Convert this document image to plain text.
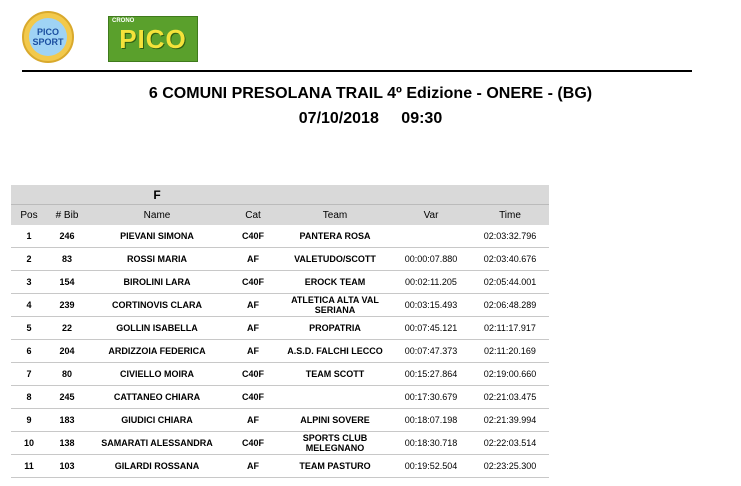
PICO
SPORT
CRONO
PICO
6 COMUNI PRESOLANA TRAIL 4º Edizione - ONERE - (BG)
07/10/2018 09:30
		F				
Pos	# Bib	Name	Cat	Team	Var	Time
1	246	PIEVANI SIMONA	C40F	PANTERA ROSA		02:03:32.796
2	83	ROSSI MARIA	AF	VALETUDO/SCOTT	00:00:07.880	02:03:40.676
3	154	BIROLINI LARA	C40F	EROCK TEAM	00:02:11.205	02:05:44.001
4	239	CORTINOVIS CLARA	AF	ATLETICA ALTA VAL SERIANA	00:03:15.493	02:06:48.289
5	22	GOLLIN ISABELLA	AF	PROPATRIA	00:07:45.121	02:11:17.917
6	204	ARDIZZOIA FEDERICA	AF	A.S.D. FALCHI LECCO	00:07:47.373	02:11:20.169
7	80	CIVIELLO MOIRA	C40F	TEAM SCOTT	00:15:27.864	02:19:00.660
8	245	CATTANEO CHIARA	C40F		00:17:30.679	02:21:03.475
9	183	GIUDICI CHIARA	AF	ALPINI SOVERE	00:18:07.198	02:21:39.994
10	138	SAMARATI ALESSANDRA	C40F	SPORTS CLUB MELEGNANO	00:18:30.718	02:22:03.514
11	103	GILARDI ROSSANA	AF	TEAM PASTURO	00:19:52.504	02:23:25.300
